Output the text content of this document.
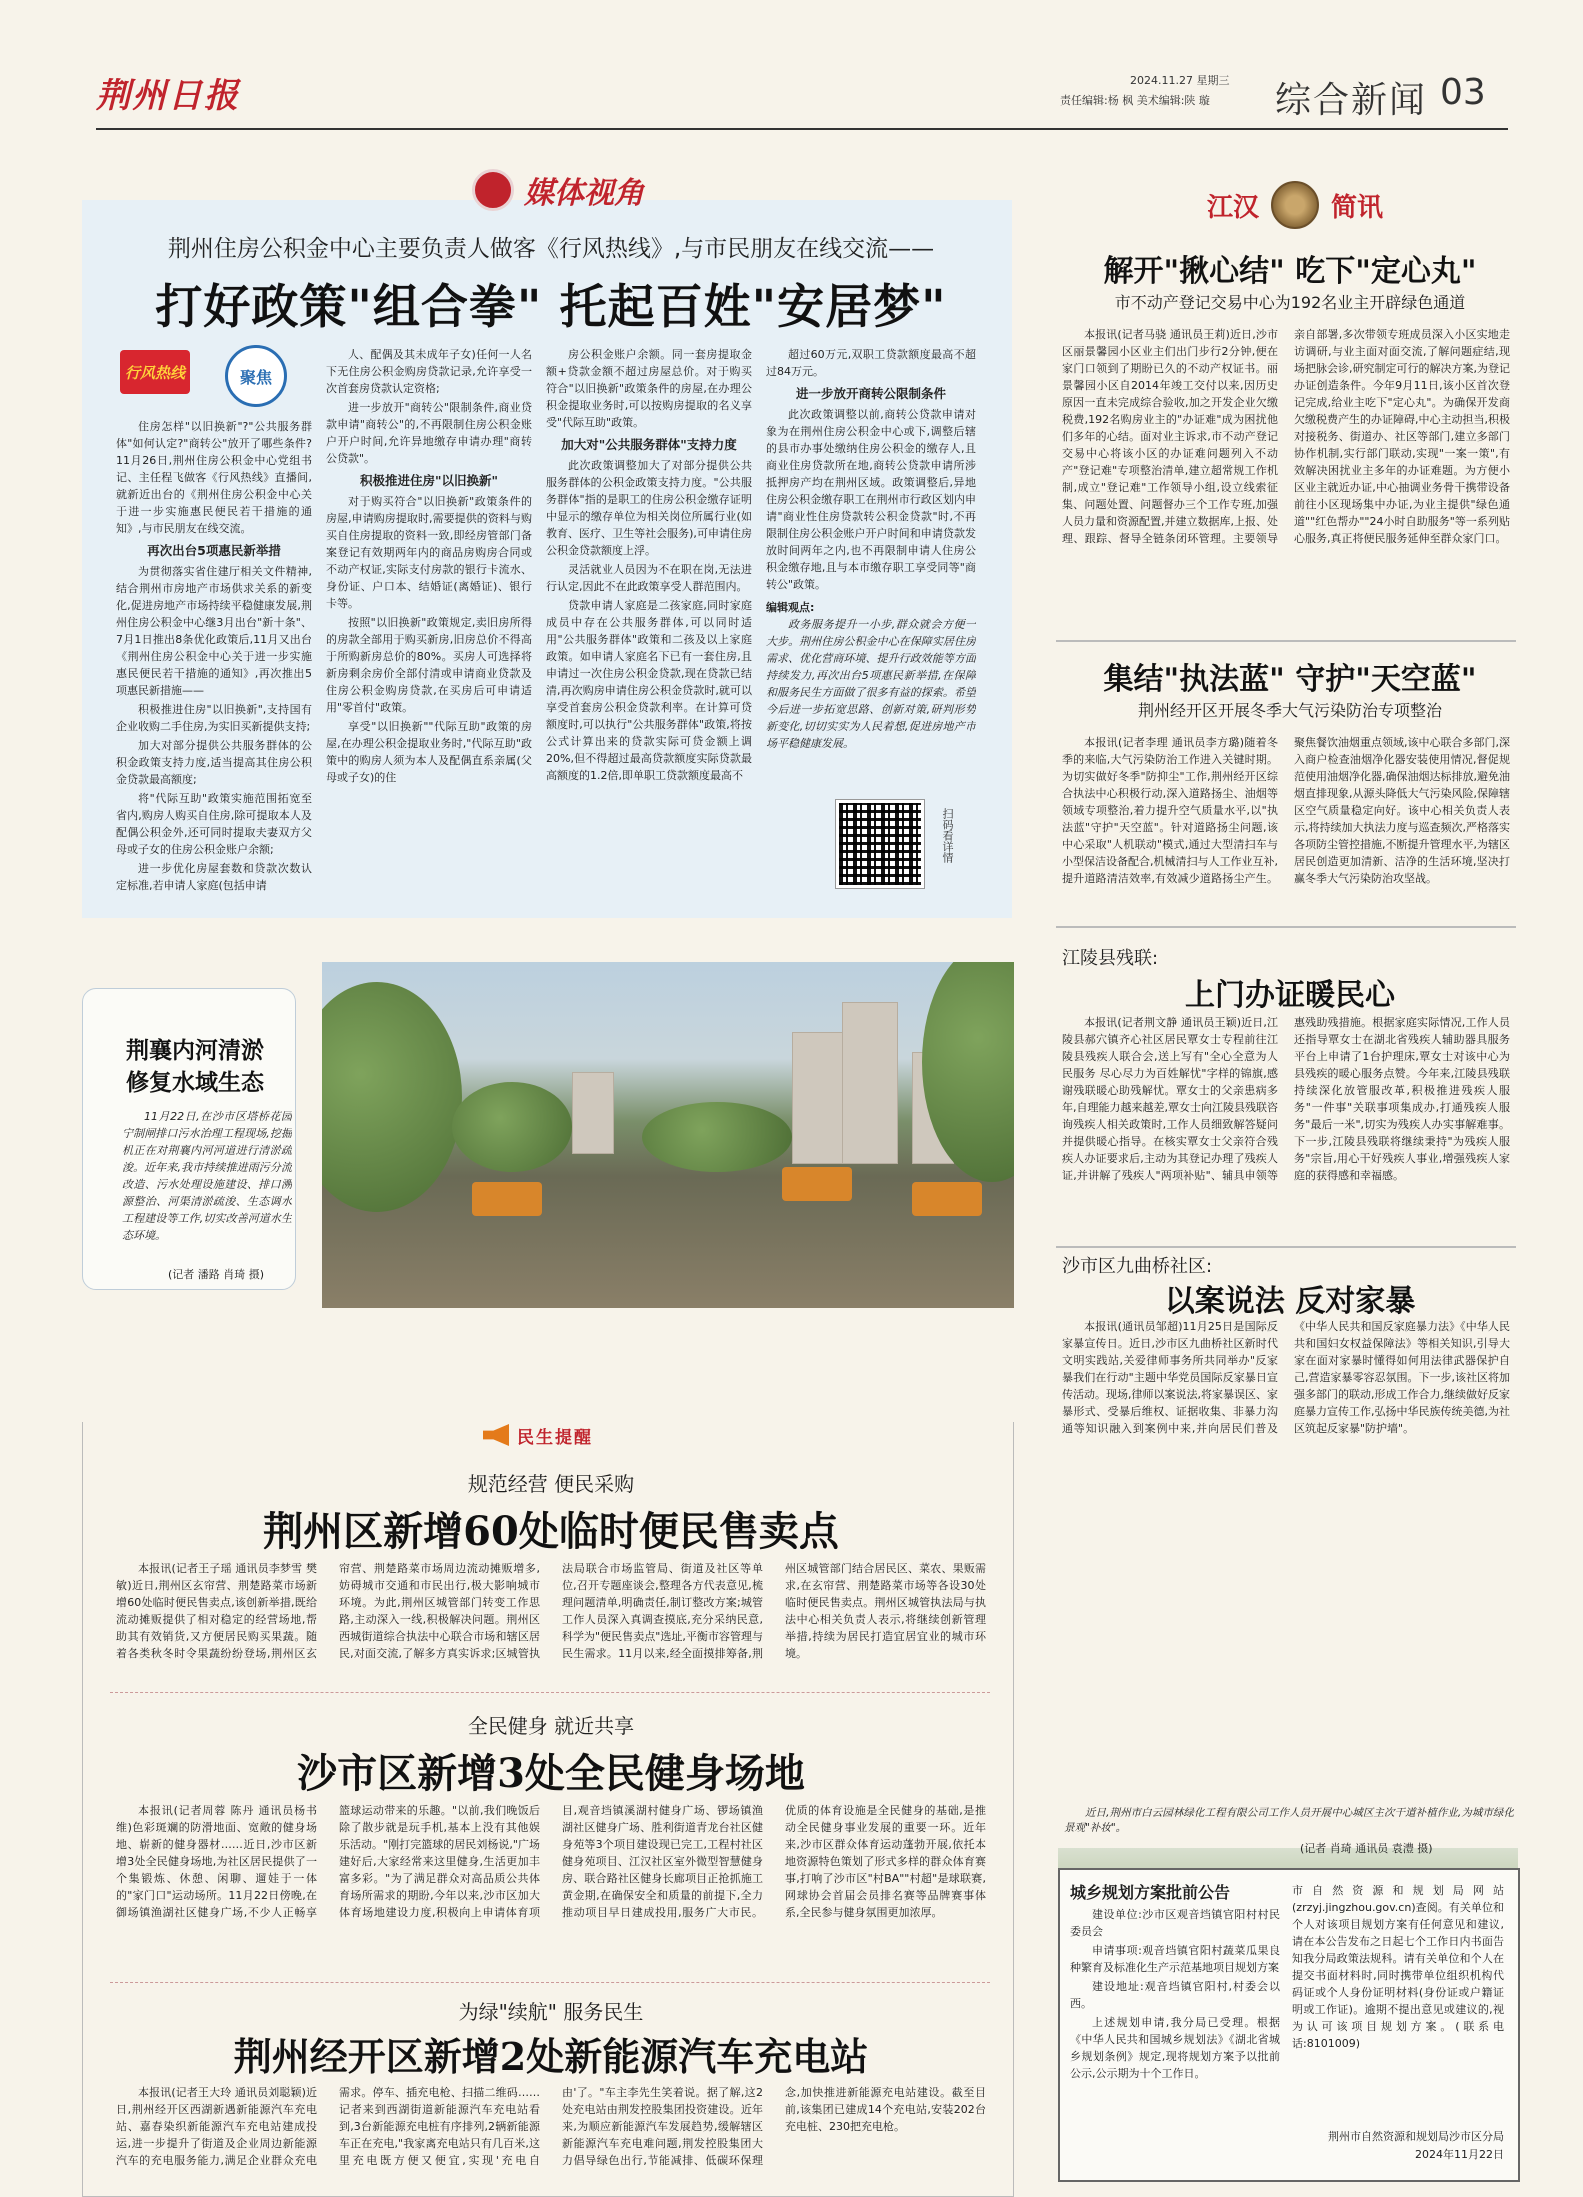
荆州日报	2024.11.27 星期三
责任编辑:杨 枫 美术编辑:陕 璇 综合新闻 03
媒体视角
荆州住房公积金中心主要负责人做客《行风热线》,与市民朋友在线交流——
打好政策"组合拳" 托起百姓"安居梦"
行风热线	聚焦

住房怎样"以旧换新"?"公共服务群体"如何认定?"商转公"放开了哪些条件?11月26日,荆州住房公积金中心党组书记、主任程飞做客《行风热线》直播间,就新近出台的《荆州住房公积金中心关于进一步实施惠民便民若干措施的通知》,与市民朋友在线交流。

再次出台5项惠民新举措

为贯彻落实省住建厅相关文件精神,结合荆州市房地产市场供求关系的新变化,促进房地产市场持续平稳健康发展,荆州住房公积金中心继3月出台"新十条"、7月1日推出8条优化政策后,11月又出台《荆州住房公积金中心关于进一步实施惠民便民若干措施的通知》,再次推出5项惠民新措施——

积极推进住房"以旧换新",支持国有企业收购二手住房,为实旧买新提供支持;

加大对部分提供公共服务群体的公积金政策支持力度,适当提高其住房公积金贷款最高额度;

将"代际互助"政策实施范围拓宽至省内,购房人购买自住房,除可提取本人及配偶公积金外,还可同时提取夫妻双方父母或子女的住房公积金账户余额;

进一步优化房屋套数和贷款次数认定标准,若申请人家庭(包括申请

人、配偶及其未成年子女)任何一人名下无住房公积金购房贷款记录,允许享受一次首套房贷款认定资格;

进一步放开"商转公"限制条件,商业贷款申请"商转公"的,不再限制住房公积金账户开户时间,允许异地缴存申请办理"商转公贷款"。

积极推进住房"以旧换新"

对于购买符合"以旧换新"政策条件的房屋,申请购房提取时,需要提供的资料与购买自住房提取的资料一致,即经房管部门备案登记有效期两年内的商品房购房合同或不动产权证,实际支付房款的银行卡流水、身份证、户口本、结婚证(离婚证)、银行卡等。

按照"以旧换新"政策规定,卖旧房所得的房款全部用于购买新房,旧房总价不得高于所购新房总价的80%。买房人可选择将新房剩余房价全部付清或申请商业贷款及住房公积金购房贷款,在买房后可申请适用"零首付"政策。

享受"以旧换新""代际互助"政策的房屋,在办理公积金提取业务时,"代际互助"政策中的购房人须为本人及配偶直系亲属(父母或子女)的住

房公积金账户余额。同一套房提取金额+贷款金额不超过房屋总价。对于购买符合"以旧换新"政策条件的房屋,在办理公积金提取业务时,可以按购房提取的名义享受"代际互助"政策。

加大对"公共服务群体"支持力度

此次政策调整加大了对部分提供公共服务群体的公积金政策支持力度。"公共服务群体"指的是职工的住房公积金缴存证明中显示的缴存单位为相关岗位所属行业(如教育、医疗、卫生等社会服务),可申请住房公积金贷款额度上浮。

灵活就业人员因为不在职在岗,无法进行认定,因此不在此政策享受人群范围内。

贷款申请人家庭是二孩家庭,同时家庭成员中存在公共服务群体,可以同时适用"公共服务群体"政策和二孩及以上家庭政策。如申请人家庭名下已有一套住房,且申请过一次住房公积金贷款,现在贷款已结清,再次购房申请住房公积金贷款时,就可以享受首套房公积金贷款利率。在计算可贷额度时,可以执行"公共服务群体"政策,将按公式计算出来的贷款实际可贷金额上调20%,但不得超过最高贷款额度实际贷款最高额度的1.2倍,即单职工贷款额度最高不

超过60万元,双职工贷款额度最高不超过84万元。

进一步放开商转公限制条件

此次政策调整以前,商转公贷款申请对象为在荆州住房公积金中心或下,调整后辖的县市办事处缴纳住房公积金的缴存人,且商业住房贷款所在地,商转公贷款申请所涉抵押房产均在荆州区域。政策调整后,异地住房公积金缴存职工在荆州市行政区划内申请"商业性住房贷款转公积金贷款"时,不再限制住房公积金账户开户时间和申请贷款发放时间两年之内,也不再限制申请人住房公积金缴存地,且与本市缴存职工享受同等"商转公"政策。

编辑观点:

政务服务提升一小步,群众就会方便一大步。荆州住房公积金中心在保障实居住房需求、优化营商环境、提升行政效能等方面持续发力,再次出台5项惠民新举措,在保障和服务民生方面做了很多有益的探索。希望今后进一步拓宽思路、创新对策,研判形势新变化,切切实实为人民着想,促进房地产市场平稳健康发展。

扫码看详情
荆襄内河清淤
修复水域生态

11月22日,在沙市区塔桥花园宁制闸排口污水治理工程现场,挖掘机正在对荆襄内河河道进行清淤疏浚。近年来,我市持续推进雨污分流改造、污水处理设施建设、排口溯源整治、河渠清淤疏浚、生态调水工程建设等工作,切实改善河道水生态环境。

(记者 潘路 肖琦 摄)
民生提醒
规范经营 便民采购
荆州区新增60处临时便民售卖点

本报讯(记者王子瑶 通讯员李梦雪 樊敏)近日,荆州区玄帘营、荆楚路菜市场新增60处临时便民售卖点,该创新举措,既给流动摊贩提供了相对稳定的经营场地,帮助其有效销货,又方便居民购买果蔬。随着各类秋冬时令果蔬纷纷登场,荆州区玄帘营、荆楚路菜市场周边流动摊贩增多,妨碍城市交通和市民出行,极大影响城市环境。为此,荆州区城管部门转变工作思路,主动深入一线,积极解决问题。荆州区西城街道综合执法中心联合市场和辖区居民,对面交流,了解多方真实诉求;区城管执法局联合市场监管局、街道及社区等单位,召开专题座谈会,整理各方代表意见,梳理问题清单,明确责任,制订整改方案;城管工作人员深入真调查摸底,充分采纳民意,科学为"便民售卖点"选址,平衡市容管理与民生需求。11月以来,经全面摸排筹备,荆州区城管部门结合居民区、菜农、果贩需求,在玄帘营、荆楚路菜市场等各设30处临时便民售卖点。荆州区城管执法局与执法中心相关负责人表示,将继续创新管理举措,持续为居民打造宜居宜业的城市环境。

全民健身 就近共享
沙市区新增3处全民健身场地

本报讯(记者周蓉 陈丹 通讯员杨书维)色彩斑斓的防滑地面、宽敞的健身场地、崭新的健身器材……近日,沙市区新增3处全民健身场地,为社区居民提供了一个集锻炼、休憩、闲聊、遛娃于一体的"家门口"运动场所。11月22日傍晚,在御场镇渔湖社区健身广场,不少人正畅享篮球运动带来的乐趣。"以前,我们晚饭后除了散步就是玩手机,基本上没有其他娱乐活动。"刚打完篮球的居民刘杨说,"广场建好后,大家经常来这里健身,生活更加丰富多彩。"为了满足群众对高品质公共体育场所需求的期盼,今年以来,沙市区加大体育场地建设力度,积极向上申请体育项目,观音垱镇溪湖村健身广场、锣场镇渔湖社区健身广场、胜利街道青龙台社区健身苑等3个项目建设现已完工,工程村社区健身苑项目、江汉社区室外微型智慧健身房、联合路社区健身长廊项目正抢抓施工黄金期,在确保安全和质量的前提下,全力推动项目早日建成投用,服务广大市民。优质的体育设施是全民健身的基础,是推动全民健身事业发展的重要一环。近年来,沙市区群众体育运动蓬勃开展,依托本地资源特色策划了形式多样的群众体育赛事,打响了沙市区"村BA""村超"是球联赛,网球协会首届会员排名赛等品牌赛事体系,全民参与健身氛围更加浓厚。

为绿"续航" 服务民生
荆州经开区新增2处新能源汽车充电站

本报讯(记者王大玲 通讯员刘聪颖)近日,荆州经开区西湖新遇新能源汽车充电站、嘉春染织新能源汽车充电站建成投运,进一步提升了街道及企业周边新能源汽车的充电服务能力,满足企业群众充电需求。停车、插充电枪、扫描二维码……记者来到西湖街道新能源汽车充电站看到,3台新能源充电桩有序排列,2辆新能源车正在充电,"我家离充电站只有几百米,这里充电既方便又便宜,实现'充电自由'了。"车主李先生笑着说。据了解,这2处充电站由荆发控股集团投资建设。近年来,为顺应新能源汽车发展趋势,缓解辖区新能源汽车充电难问题,荆发控股集团大力倡导绿色出行,节能减排、低碳环保理念,加快推进新能源充电站建设。截至目前,该集团已建成14个充电站,安装202台充电桩、230把充电枪。

江汉	简讯
解开"揪心结" 吃下"定心丸"
市不动产登记交易中心为192名业主开辟绿色通道

本报讯(记者马骁 通讯员王莉)近日,沙市区丽景馨园小区业主们出门步行2分钟,便在家门口领到了期盼已久的不动产权证书。丽景馨园小区自2014年竣工交付以来,因历史原因一直未完成综合验收,加之开发企业欠缴税费,192名购房业主的"办证难"成为困扰他们多年的心结。面对业主诉求,市不动产登记交易中心将该小区的办证难问题列入不动产"登记难"专项整治清单,建立超常规工作机制,成立"登记难"工作领导小组,设立线索征集、问题处置、问题督办三个工作专班,加强人员力量和资源配置,并建立数据库,上报、处理、跟踪、督导全链条闭环管理。主要领导亲自部署,多次带领专班成员深入小区实地走访调研,与业主面对面交流,了解问题症结,现场把脉会诊,研究制定可行的解决方案,为登记办证创造条件。今年9月11日,该小区首次登记完成,给业主吃下"定心丸"。为确保开发商欠缴税费产生的办证障碍,中心主动担当,积极对接税务、街道办、社区等部门,建立多部门协作机制,实行部门联动,实现"一案一策",有效解决困扰业主多年的办证难题。为方便小区业主就近办证,中心抽调业务骨干携带设备前往小区现场集中办证,为业主提供"绿色通道""红色帮办""24小时自助服务"等一系列贴心服务,真正将便民服务延伸至群众家门口。

集结"执法蓝" 守护"天空蓝"
荆州经开区开展冬季大气污染防治专项整治

本报讯(记者李理 通讯员李方璐)随着冬季的来临,大气污染防治工作进入关键时期。为切实做好冬季"防抑尘"工作,荆州经开区综合执法中心积极行动,深入道路扬尘、油烟等领域专项整治,着力提升空气质量水平,以"执法蓝"守护"天空蓝"。针对道路扬尘问题,该中心采取"人机联动"模式,通过大型清扫车与小型保洁设备配合,机械清扫与人工作业互补,提升道路清洁效率,有效减少道路扬尘产生。聚焦餐饮油烟重点领域,该中心联合多部门,深入商户检查油烟净化器安装使用情况,督促规范使用油烟净化器,确保油烟达标排放,避免油烟直排现象,从源头降低大气污染风险,保障辖区空气质量稳定向好。该中心相关负责人表示,将持续加大执法力度与巡查频次,严格落实各项防尘管控措施,不断提升管理水平,为辖区居民创造更加清新、洁净的生活环境,坚决打赢冬季大气污染防治攻坚战。

江陵县残联:
上门办证暖民心

本报讯(记者荆文静 通讯员王颖)近日,江陵县郝穴镇齐心社区居民覃女士专程前往江陵县残疾人联合会,送上写有"全心全意为人民服务 尽心尽力为百姓解忧"字样的锦旗,感谢残联暖心助残解忧。覃女士的父亲患病多年,自理能力越来越差,覃女士向江陵县残联咨询残疾人相关政策时,工作人员细致解答疑问并提供暖心指导。在核实覃女士父亲符合残疾人办证要求后,主动为其登记办理了残疾人证,并讲解了残疾人"两项补贴"、辅具申领等惠残助残措施。根据家庭实际情况,工作人员还指导覃女士在湖北省残疾人辅助器具服务平台上申请了1台护理床,覃女士对该中心为县残疾的暖心服务点赞。今年来,江陵县残联持续深化放管服改革,积极推进残疾人服务"一件事"关联事项集成办,打通残疾人服务"最后一米",切实为残疾人办实事解难事。下一步,江陵县残联将继续秉持"为残疾人服务"宗旨,用心干好残疾人事业,增强残疾人家庭的获得感和幸福感。

沙市区九曲桥社区:
以案说法 反对家暴

本报讯(通讯员邹超)11月25日是国际反家暴宣传日。近日,沙市区九曲桥社区新时代文明实践站,关爱律师事务所共同举办"反家暴我们在行动"主题中华党员国际反家暴日宣传活动。现场,律师以案说法,将家暴误区、家暴形式、受暴后维权、证据收集、非暴力沟通等知识融入到案例中来,并向居民们普及《中华人民共和国反家庭暴力法》《中华人民共和国妇女权益保障法》等相关知识,引导大家在面对家暴时懂得如何用法律武器保护自己,营造家暴零容忍氛围。下一步,该社区将加强多部门的联动,形成工作合力,继续做好反家庭暴力宣传工作,弘扬中华民族传统美德,为社区筑起反家暴"防护墙"。

近日,荆州市白云园林绿化工程有限公司工作人员开展中心城区主次干道补植作业,为城市绿化景观"补妆"。

(记者 肖琦 通讯员 袁澧 摄)
城乡规划方案批前公告

建设单位:沙市区观音垱镇官阳村村民委员会

申请事项:观音垱镇官阳村蔬菜瓜果良种繁育及标准化生产示范基地项目规划方案

建设地址:观音垱镇官阳村,村委会以西。

上述规划申请,我分局已受理。根据《中华人民共和国城乡规划法》《湖北省城乡规划条例》规定,现将规划方案予以批前公示,公示期为十个工作日。

市自然资源和规划局网站(zrzyj.jingzhou.gov.cn)查阅。有关单位和个人对该项目规划方案有任何意见和建议,请在本公告发布之日起七个工作日内书面告知我分局政策法规科。请有关单位和个人在提交书面材料时,同时携带单位组织机构代码证或个人身份证明材料(身份证或户籍证明或工作证)。逾期不提出意见或建议的,视为认可该项目规划方案。(联系电话:8101009)

荆州市自然资源和规划局沙市区分局
2024年11月22日
